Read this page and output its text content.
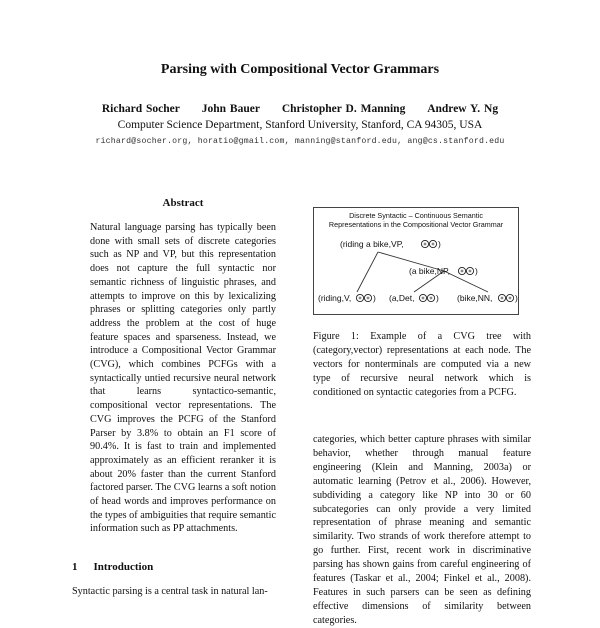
Parsing with Compositional Vector Grammars
Richard Socher John Bauer Christopher D. Manning Andrew Y. Ng
Computer Science Department, Stanford University, Stanford, CA 94305, USA
richard@socher.org, horatio@gmail.com, manning@stanford.edu, ang@cs.stanford.edu
Abstract
Natural language parsing has typically been done with small sets of discrete categories such as NP and VP, but this representation does not capture the full syntactic nor semantic richness of linguistic phrases, and attempts to improve on this by lexicalizing phrases or splitting categories only partly address the problem at the cost of huge feature spaces and sparseness. Instead, we introduce a Compositional Vector Grammar (CVG), which combines PCFGs with a syntactically untied recursive neural network that learns syntactico-semantic, compositional vector representations. The CVG improves the PCFG of the Stanford Parser by 3.8% to obtain an F1 score of 90.4%. It is fast to train and implemented approximately as an efficient reranker it is about 20% faster than the current Stanford factored parser. The CVG learns a soft notion of head words and improves performance on the types of ambiguities that require semantic information such as PP attachments.
1 Introduction
Syntactic parsing is a central task in natural lan-
Discrete Syntactic – Continuous Semantic
Representations in the Compositional Vector Grammar
(riding a bike,VP,	)
(a bike,NP,	)
(riding,V,	) (a,Det,	) (bike,NN,	)
Figure 1: Example of a CVG tree with (category,vector) representations at each node. The vectors for nonterminals are computed via a new type of recursive neural network which is conditioned on syntactic categories from a PCFG.
categories, which better capture phrases with similar behavior, whether through manual feature engineering (Klein and Manning, 2003a) or automatic learning (Petrov et al., 2006). However, subdividing a category like NP into 30 or 60 subcategories can only provide a very limited representation of phrase meaning and semantic similarity. Two strands of work therefore attempt to go further. First, recent work in discriminative parsing has shown gains from careful engineering of features (Taskar et al., 2004; Finkel et al., 2008). Features in such parsers can be seen as defining effective dimensions of similarity between categories.
